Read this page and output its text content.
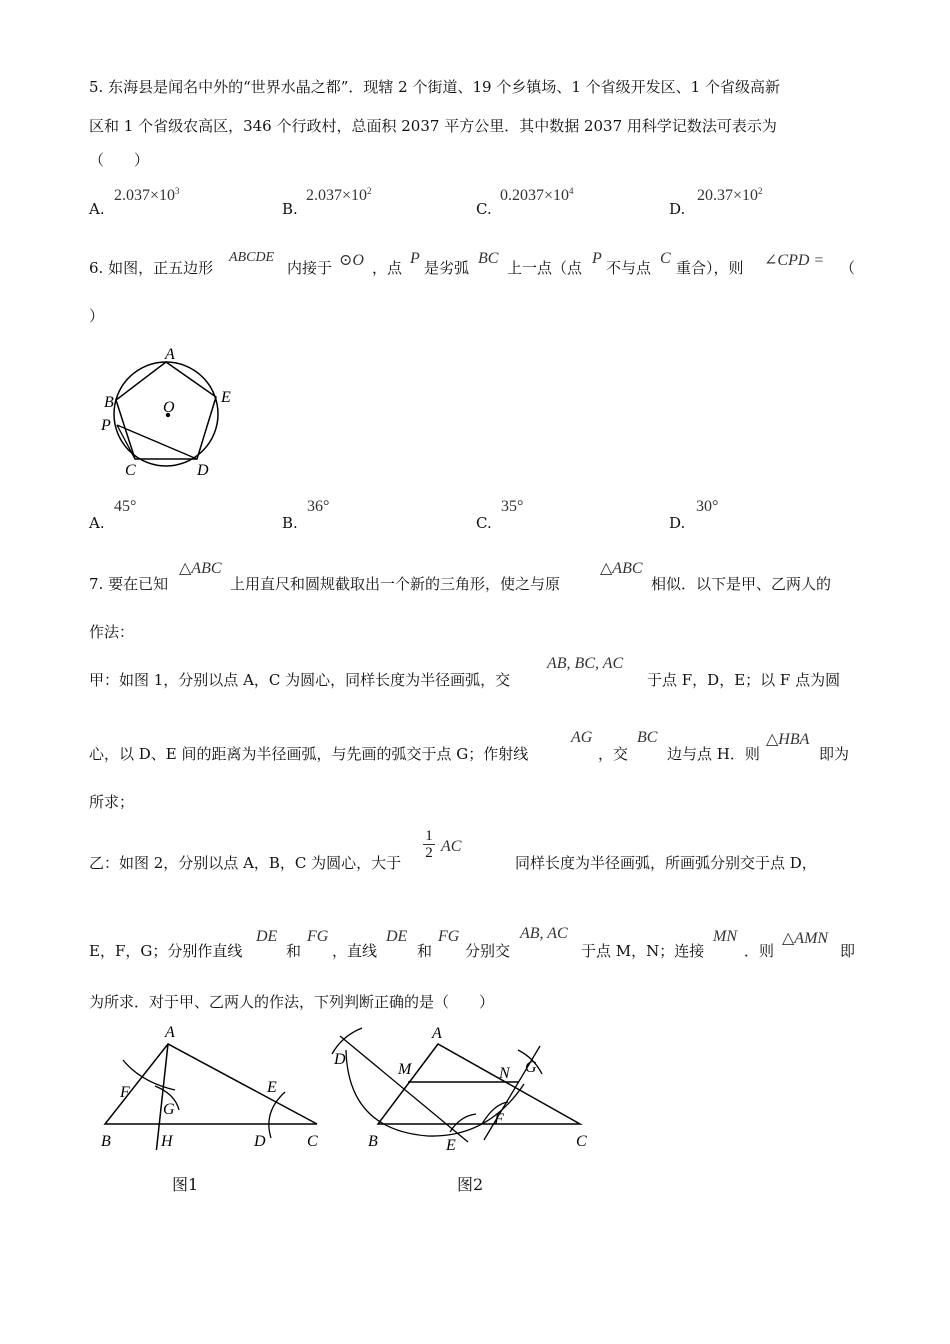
5. 东海县是闻名中外的“世界水晶之都”．现辖 2 个街道、19 个乡镇场、1 个省级开发区、1 个省级高新
区和 1 个省级农高区，346 个行政村，总面积 2037 平方公里．其中数据 2037 用科学记数法可表示为
（　　）
A.
$2.037\times 10^3$
B.
$2.037\times 10^2$
C.
$0.2037\times 10^4$
D.
$20.37\times 10^2$
6. 如图，正五边形
ABCDE
内接于 ⊙O ，点
P
是劣弧
BC
上一点（点
P
不与点
C
重合），则 ∠CPD = （
）
A
B	E
O
P
C	D
A.
45°
B.
36°
C.
35°
D.
30°
7. 要在已知
△ABC
上用直尺和圆规截取出一个新的三角形，使之与原
△ABC
相似．以下是甲、乙两人的
作法：
甲：如图 1，分别以点 A，C 为圆心，同样长度为半径画弧，交
AB, BC, AC
于点 F，D，E；以 F 点为圆
心，以 D、E 间的距离为半径画弧，与先画的弧交于点 G；作射线
AG
，交
BC
边与点 H．则
△HBA
即为
所求；
乙：如图 2，分别以点 A，B，C 为圆心，大于
$\frac{1}{2}$ AC
同样长度为半径画弧，所画弧分别交于点 D，
E，F，G；分别作直线
DE
和
FG
，直线
DE
和
FG
分别交
AB, AC
于点 M，N；连接
MN
．则
△AMN
即
为所求．对于甲、乙两人的作法，下列判断正确的是（　　）
A
F
G
E
B	H	D	C
图1
A
D
M	N G
F
B	E	C
图2
